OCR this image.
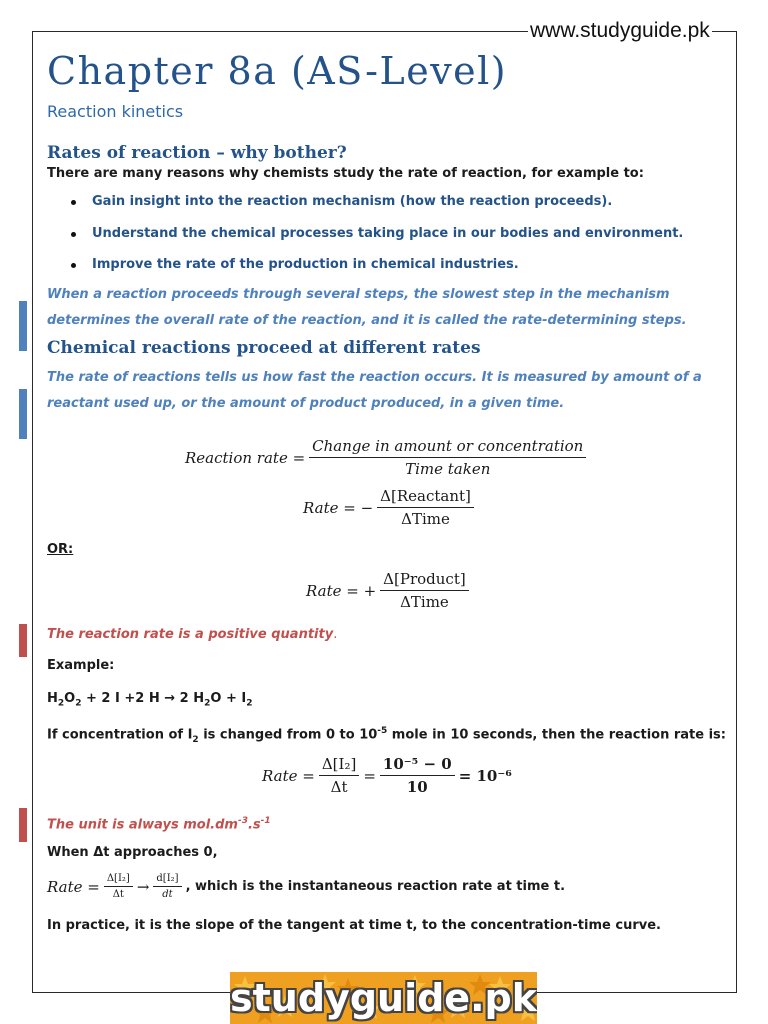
www.studyguide.pk
Chapter 8a (AS-Level)
Reaction kinetics
Rates of reaction – why bother?
There are many reasons why chemists study the rate of reaction, for example to:
Gain insight into the reaction mechanism (how the reaction proceeds).
Understand the chemical processes taking place in our bodies and environment.
Improve the rate of the production in chemical industries.
When a reaction proceeds through several steps, the slowest step in the mechanism determines the overall rate of the reaction, and it is called the rate-determining steps.
Chemical reactions proceed at different rates
The rate of reactions tells us how fast the reaction occurs. It is measured by amount of a reactant used up, or the amount of product produced, in a given time.
Reaction rate = $\frac{\text{Change in amount or concentration}}{\text{Time taken}}$
Rate = − $\frac{\text{Δ[Reactant]}}{\text{ΔTime}}$
OR:
Rate = + $\frac{\text{Δ[Product]}}{\text{ΔTime}}$
The reaction rate is a positive quantity.
Example:
$H_2O_2 + 2$ I +2 H → 2 $H_2O + I_2$
If concentration of $I_2$ is changed from 0 to $10^{-5}$ mole in 10 seconds, then the reaction rate is:
Rate = $\frac{\text{Δ[I₂]}}{\Delta t} = \frac{\text{10⁻⁵ − 0}}{10} = 10^{-6}$
The unit is always $mol.dm^{-3}.s^{-1}$
When Δt approaches 0,
Rate = $\frac{\text{Δ[I₂]}}{\Delta t} \to \frac{\text{d[I₂]}}{dt}$ , which is the instantaneous reaction rate at time t.
In practice, it is the slope of the tangent at time t, to the concentration-time curve.
studyguide.pk
